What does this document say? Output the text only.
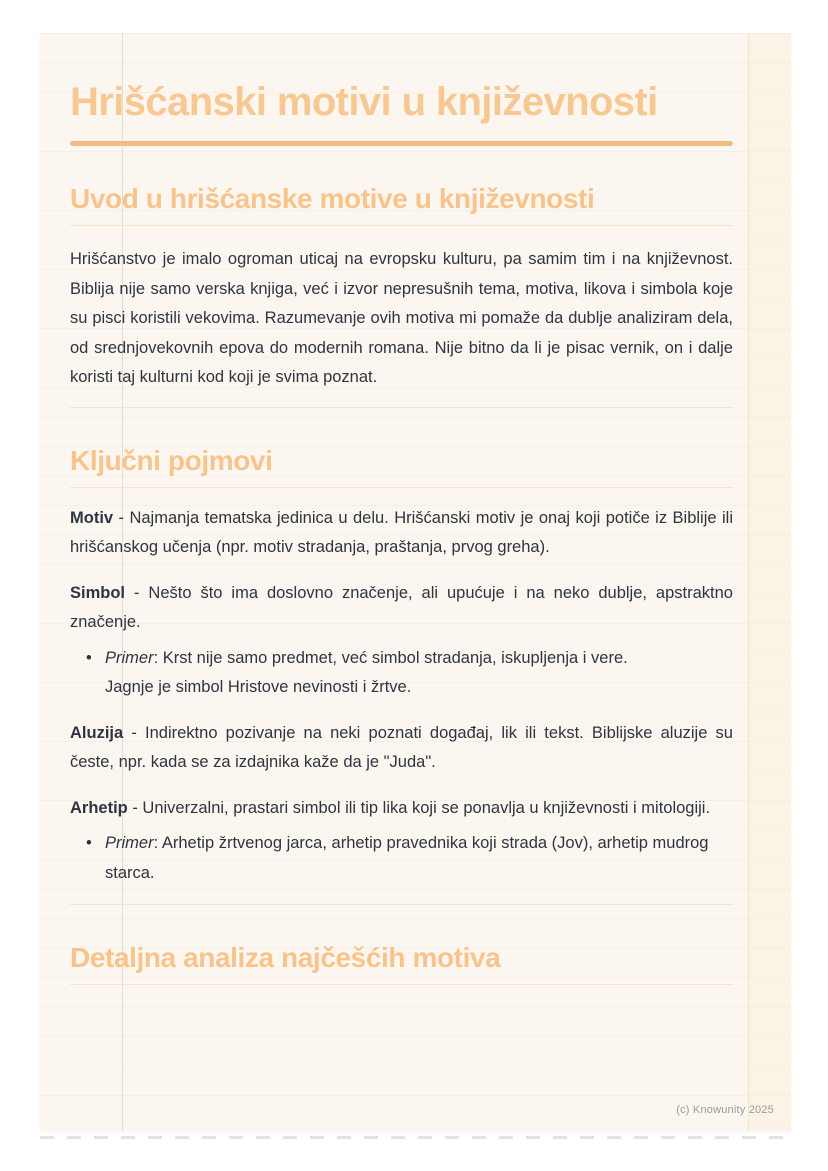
Hrišćanski motivi u književnosti
Uvod u hrišćanske motive u književnosti

Hrišćanstvo je imalo ogroman uticaj na evropsku kulturu, pa samim tim i na književnost. Biblija nije samo verska knjiga, već i izvor nepresušnih tema, motiva, likova i simbola koje su pisci koristili vekovima. Razumevanje ovih motiva mi pomaže da dublje analiziram dela, od srednjovekovnih epova do modernih romana. Nije bitno da li je pisac vernik, on i dalje koristi taj kulturni kod koji je svima poznat.

Ključni pojmovi

Motiv - Najmanja tematska jedinica u delu. Hrišćanski motiv je onaj koji potiče iz Biblije ili hrišćanskog učenja (npr. motiv stradanja, praštanja, prvog greha).

Simbol - Nešto što ima doslovno značenje, ali upućuje i na neko dublje, apstraktno značenje.

• Primer: Krst nije samo predmet, već simbol stradanja, iskupljenja i vere.
Jagnje je simbol Hristove nevinosti i žrtve.

Aluzija - Indirektno pozivanje na neki poznati događaj, lik ili tekst. Biblijske aluzije su česte, npr. kada se za izdajnika kaže da je "Juda".

Arhetip - Univerzalni, prastari simbol ili tip lika koji se ponavlja u književnosti i mitologiji.

• Primer: Arhetip žrtvenog jarca, arhetip pravednika koji strada (Jov), arhetip mudrog starca.
Detaljna analiza najčešćih motiva
(c) Knowunity 2025
